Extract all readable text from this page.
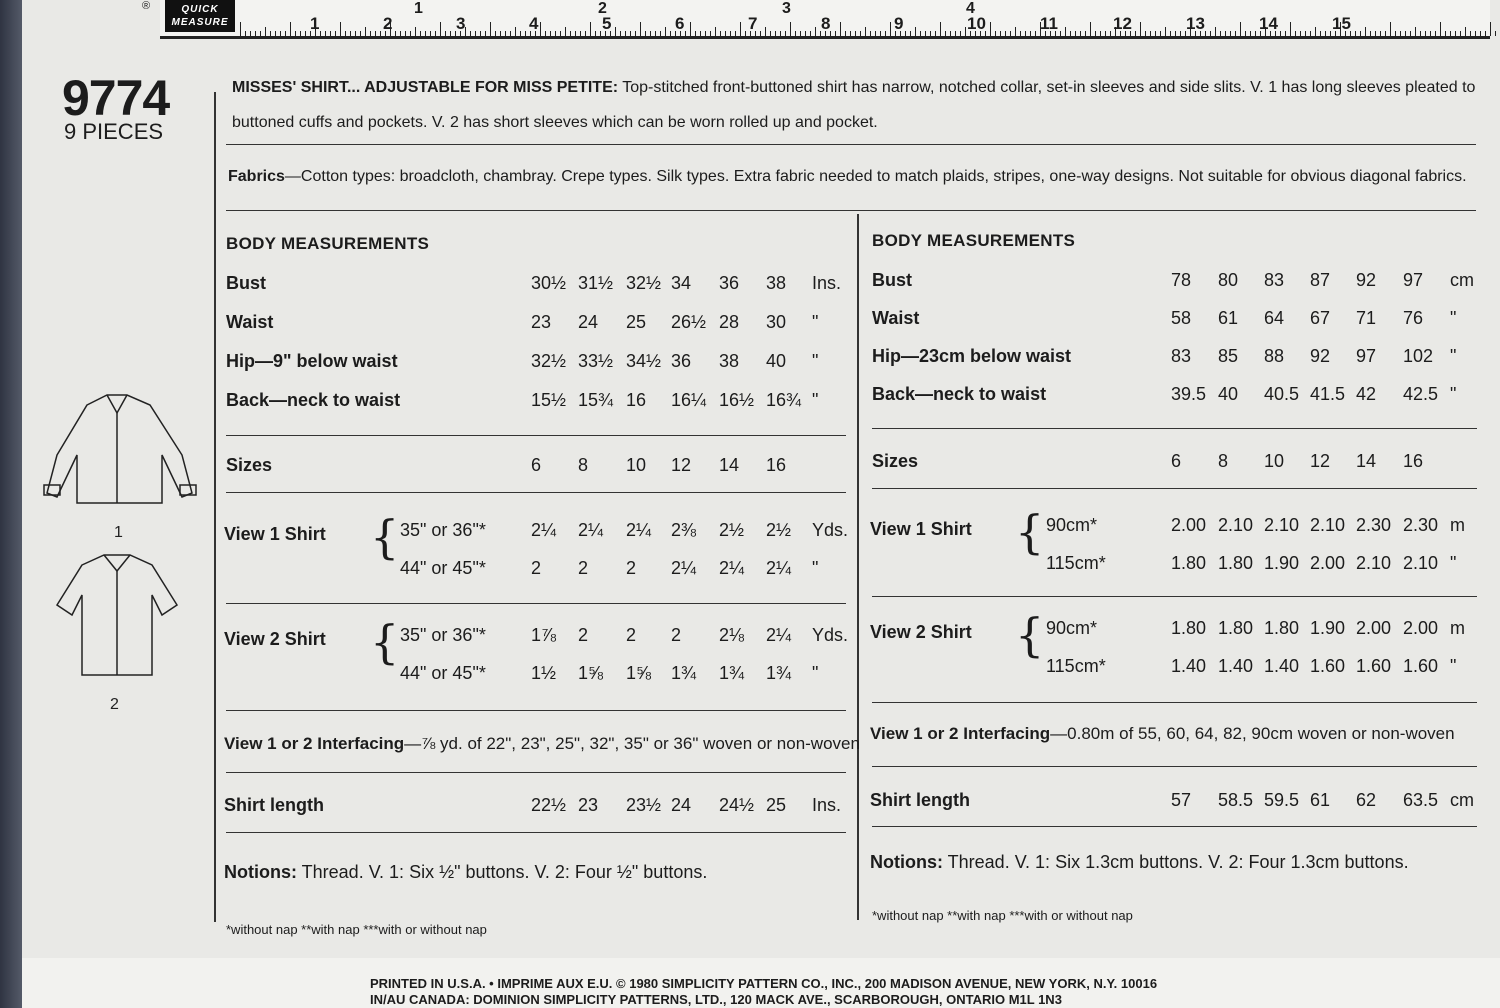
1	2	3	4
1	2	3	4	5	6	7	8	9	10	11	12	13	14	15
QUICK
MEASURE
®
9774
9 PIECES
MISSES' SHIRT... ADJUSTABLE FOR MISS PETITE: Top-stitched front-buttoned shirt has narrow, notched collar, set-in sleeves and side slits. V. 1 has long sleeves pleated to buttoned cuffs and pockets. V. 2 has short sleeves which can be worn rolled up and pocket.
Fabrics—Cotton types: broadcloth, chambray. Crepe types. Silk types. Extra fabric needed to match plaids, stripes, one-way designs. Not suitable for obvious diagonal fabrics.
1
2
BODY MEASUREMENTS
Bust	30½ 31½ 32½ 34 36 38 Ins.
Waist	23 24 25 26½ 28 30 "
Hip—9" below waist	32½ 33½ 34½ 36 38 40 "
Back—neck to waist	15½ 15¾ 16 16¼ 16½ 16¾ "
Sizes	6 8 10 12 14 16
View 1 Shirt { 35" or 36"*	2¼ 2¼ 2¼ 2⅜ 2½ 2½ Yds.
44" or 45"*	2 2 2 2¼ 2¼ 2¼ "
View 2 Shirt { 35" or 36"*	1⅞ 2 2 2 2⅛ 2¼ Yds.
44" or 45"*	1½ 1⅝ 1⅝ 1¾ 1¾ 1¾ "
View 1 or 2 Interfacing—⅞ yd. of 22", 23", 25", 32", 35" or 36" woven or non-woven
Shirt length	22½ 23 23½ 24 24½ 25 Ins.
Notions: Thread. V. 1: Six ½" buttons. V. 2: Four ½" buttons.
*without nap **with nap ***with or without nap
BODY MEASUREMENTS
Bust	78 80 83 87 92 97 cm
Waist	58 61 64 67 71 76 "
Hip—23cm below waist	83 85 88 92 97 102 "
Back—neck to waist	39.5 40 40.5 41.5 42 42.5 "
Sizes	6 8 10 12 14 16
View 1 Shirt { 90cm*	2.00 2.10 2.10 2.10 2.30 2.30 m
115cm*	1.80 1.80 1.90 2.00 2.10 2.10 "
View 2 Shirt { 90cm*	1.80 1.80 1.80 1.90 2.00 2.00 m
115cm*	1.40 1.40 1.40 1.60 1.60 1.60 "
View 1 or 2 Interfacing—0.80m of 55, 60, 64, 82, 90cm woven or non-woven
Shirt length	57 58.5 59.5 61 62 63.5 cm
Notions: Thread. V. 1: Six 1.3cm buttons. V. 2: Four 1.3cm buttons.
*without nap **with nap ***with or without nap
PRINTED IN U.S.A. • IMPRIME AUX E.U. © 1980 SIMPLICITY PATTERN CO., INC., 200 MADISON AVENUE, NEW YORK, N.Y. 10016
IN/AU CANADA: DOMINION SIMPLICITY PATTERNS, LTD., 120 MACK AVE., SCARBOROUGH, ONTARIO M1L 1N3
